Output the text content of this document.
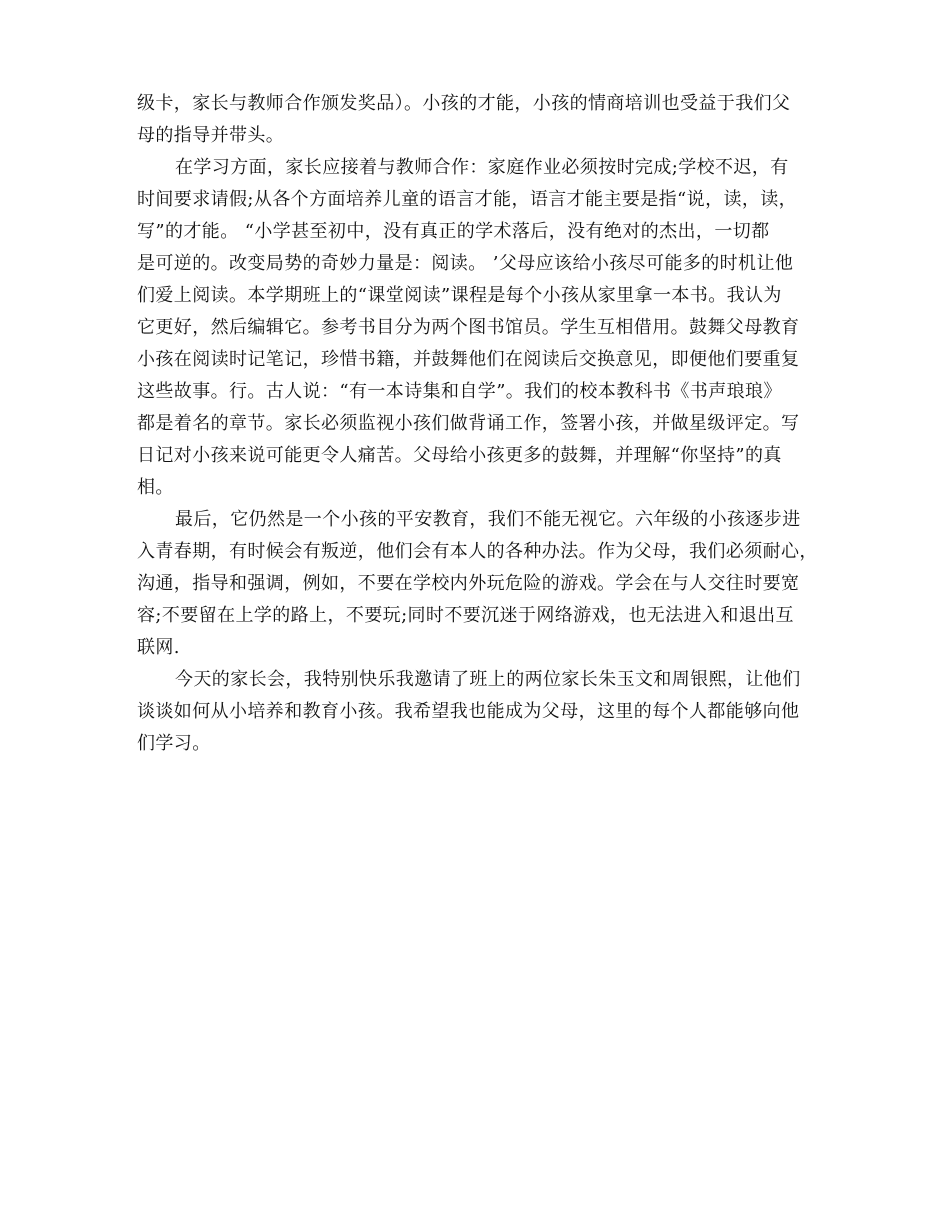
级卡，家长与教师合作颁发奖品）。小孩的才能，小孩的情商培训也受益于我们父
母的指导并带头。

在学习方面，家长应接着与教师合作：家庭作业必须按时完成;学校不迟，有
时间要求请假;从各个方面培养儿童的语言才能，语言才能主要是指“说，读，读，
写”的才能。 “小学甚至初中，没有真正的学术落后，没有绝对的杰出，一切都
是可逆的。改变局势的奇妙力量是：阅读。 ’父母应该给小孩尽可能多的时机让他
们爱上阅读。本学期班上的“课堂阅读”课程是每个小孩从家里拿一本书。我认为
它更好，然后编辑它。参考书目分为两个图书馆员。学生互相借用。鼓舞父母教育
小孩在阅读时记笔记，珍惜书籍，并鼓舞他们在阅读后交换意见，即便他们要重复
这些故事。行。古人说：“有一本诗集和自学”。我们的校本教科书《书声琅琅》
都是着名的章节。家长必须监视小孩们做背诵工作，签署小孩，并做星级评定。写
日记对小孩来说可能更令人痛苦。父母给小孩更多的鼓舞，并理解“你坚持”的真
相。

最后，它仍然是一个小孩的平安教育，我们不能无视它。六年级的小孩逐步进
入青春期，有时候会有叛逆，他们会有本人的各种办法。作为父母，我们必须耐心，
沟通，指导和强调，例如，不要在学校内外玩危险的游戏。学会在与人交往时要宽
容;不要留在上学的路上，不要玩;同时不要沉迷于网络游戏，也无法进入和退出互
联网.

今天的家长会，我特别快乐我邀请了班上的两位家长朱玉文和周银熙，让他们
谈谈如何从小培养和教育小孩。我希望我也能成为父母，这里的每个人都能够向他
们学习。
